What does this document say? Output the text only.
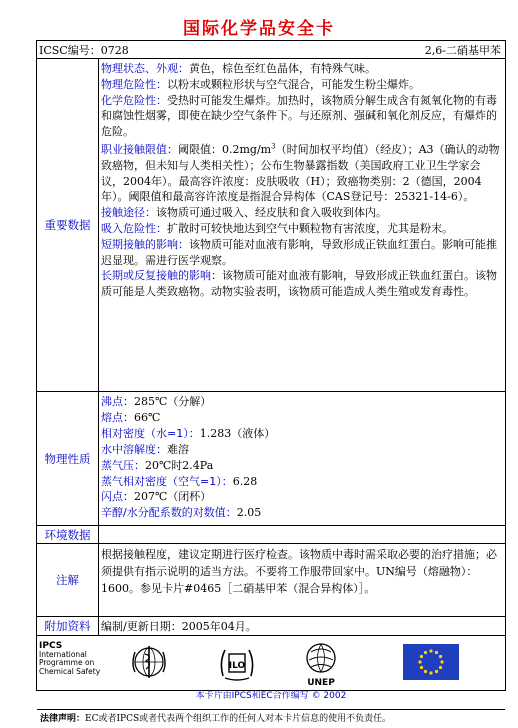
国际化学品安全卡
ICSC编号：0728	2,6-二硝基甲苯
重要数据
物理状态、外观：黄色，棕色至红色晶体，有特殊气味。
物理危险性：以粉末或颗粒形状与空气混合，可能发生粉尘爆炸。
化学危险性：受热时可能发生爆炸。加热时，该物质分解生成含有氮氧化物的有毒和腐蚀性烟雾，即使在缺少空气条件下。与还原剂、强碱和氧化剂反应，有爆炸的危险。
职业接触限值：阈限值：$0.2mg/m^3$（时间加权平均值）（经皮）；A3（确认的动物致癌物，但未知与人类相关性）；公布生物暴露指数（美国政府工业卫生学家会议，2004年）。最高容许浓度：皮肤吸收（H）；致癌物类别：2（德国，2004年）。阈限值和最高容许浓度是指混合异构体（CAS登记号：25321-14-6）。
接触途径：该物质可通过吸入、经皮肤和食入吸收到体内。
吸入危险性：扩散时可较快地达到空气中颗粒物有害浓度，尤其是粉末。
短期接触的影响：该物质可能对血液有影响，导致形成正铁血红蛋白。影响可能推迟显现。需进行医学观察。
长期或反复接触的影响：该物质可能对血液有影响，导致形成正铁血红蛋白。该物质可能是人类致癌物。动物实验表明，该物质可能造成人类生殖或发育毒性。
物理性质
沸点：285℃（分解）
熔点：66℃
相对密度（水=1）：1.283（液体）
水中溶解度：难溶
蒸气压：20℃时2.4Pa
蒸气相对密度（空气=1）：6.28
闪点：207℃（闭杯）
辛醇/水分配系数的对数值：2.05
环境数据
注解
根据接触程度，建议定期进行医疗检查。该物质中毒时需采取必要的治疗措施；必须提供有指示说明的适当方法。不要将工作服带回家中。UN编号（熔融物）：1600。参见卡片#0465［二硝基甲苯（混合异构体）］。
附加资料 编制/更新日期：2005年04月。
IPCS
International
Programme on
Chemical Safety	ILO
UNEP
本卡片由IPCS和EC合作编写 © 2002
法律声明：EC或者IPCS或者代表两个组织工作的任何人对本卡片信息的使用不负责任。
